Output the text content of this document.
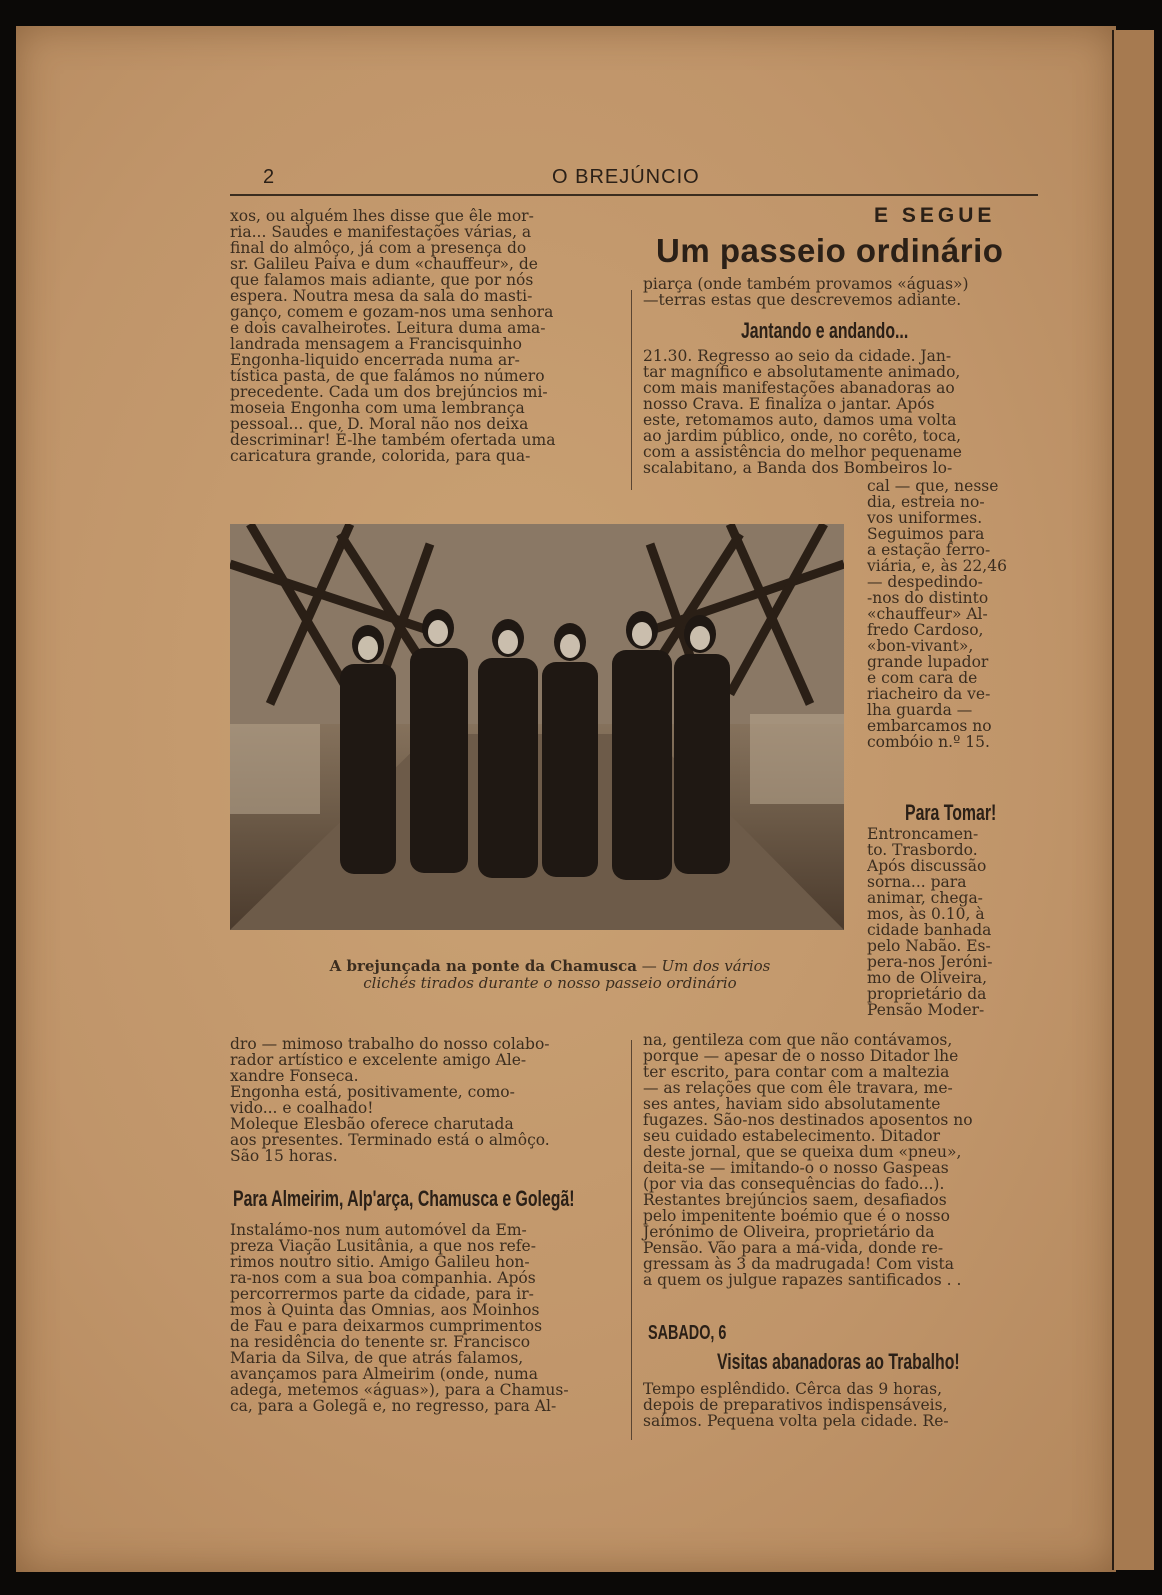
2	O BREJÚNCIO

xos, ou alguém lhes disse que êle mor-
ria... Saudes e manifestações várias, a
final do almôço, já com a presença do
sr. Galileu Paiva e dum «chauffeur», de
que falamos mais adiante, que por nós
espera. Noutra mesa da sala do masti-
ganço, comem e gozam-nos uma senhora
e dois cavalheirotes. Leitura duma ama-
landrada mensagem a Francisquinho
Engonha-liquido encerrada numa ar-
tística pasta, de que falámos no número
precedente. Cada um dos brejúncios mi-
moseia Engonha com uma lembrança
pessoal... que, D. Moral não nos deixa
descriminar! É-lhe também ofertada uma
caricatura grande, colorida, para qua-

E SEGUE
Um passeio ordinário

piarça (onde também provamos «águas»)
—terras estas que descrevemos adiante.

Jantando e andando...

21.30. Regresso ao seio da cidade. Jan-
tar magnífico e absolutamente animado,
com mais manifestações abanadoras ao
nosso Crava. E finaliza o jantar. Após
este, retomamos auto, damos uma volta
ao jardim público, onde, no corêto, toca,
com a assistência do melhor pequename
scalabitano, a Banda dos Bombeiros lo-

cal — que, nesse
dia, estreia no-
vos uniformes.
Seguimos para
a estação ferro-
viária, e, às 22,46
— despedindo-
-nos do distinto
«chauffeur» Al-
fredo Cardoso,
«bon-vivant»,
grande lupador
e com cara de
riacheiro da ve-
lha guarda —
embarcamos no
combóio n.º 15.

Para Tomar!

Entroncamen-
to. Trasbordo.
Após discussão
sorna... para
animar, chega-
mos, às 0.10, à
cidade banhada
pelo Nabão. Es-
pera-nos Jeróni-
mo de Oliveira,
proprietário da
Pensão Moder-

na, gentileza com que não contávamos,
porque — apesar de o nosso Ditador lhe
ter escrito, para contar com a maltezia
— as relações que com êle travara, me-
ses antes, haviam sido absolutamente
fugazes. São-nos destinados aposentos no
seu cuidado estabelecimento. Ditador
deste jornal, que se queixa dum «pneu»,
deita-se — imitando-o o nosso Gaspeas
(por via das consequências do fado...).
Restantes brejúncios saem, desafiados
pelo impenitente boémio que é o nosso
Jerónimo de Oliveira, proprietário da
Pensão. Vão para a má-vida, donde re-
gressam às 3 da madrugada! Com vista
a quem os julgue rapazes santificados . .

SABADO, 6
Visitas abanadoras ao Trabalho!

Tempo esplêndido. Cêrca das 9 horas,
depois de preparativos indispensáveis,
saímos. Pequena volta pela cidade. Re-

A brejunçada na ponte da Chamusca — Um dos vários
clichés tirados durante o nosso passeio ordinário

dro — mimoso trabalho do nosso colabo-
rador artístico e excelente amigo Ale-
xandre Fonseca.
Engonha está, positivamente, como-
vido... e coalhado!
Moleque Elesbão oferece charutada
aos presentes. Terminado está o almôço.
São 15 horas.

Para Almeirim, Alp'arça, Chamusca e Golegã!

Instalámo-nos num automóvel da Em-
preza Viação Lusitânia, a que nos refe-
rimos noutro sitio. Amigo Galileu hon-
ra-nos com a sua boa companhia. Após
percorrermos parte da cidade, para ir-
mos à Quinta das Omnias, aos Moinhos
de Fau e para deixarmos cumprimentos
na residência do tenente sr. Francisco
Maria da Silva, de que atrás falamos,
avançamos para Almeirim (onde, numa
adega, metemos «águas»), para a Chamus-
ca, para a Golegã e, no regresso, para Al-
